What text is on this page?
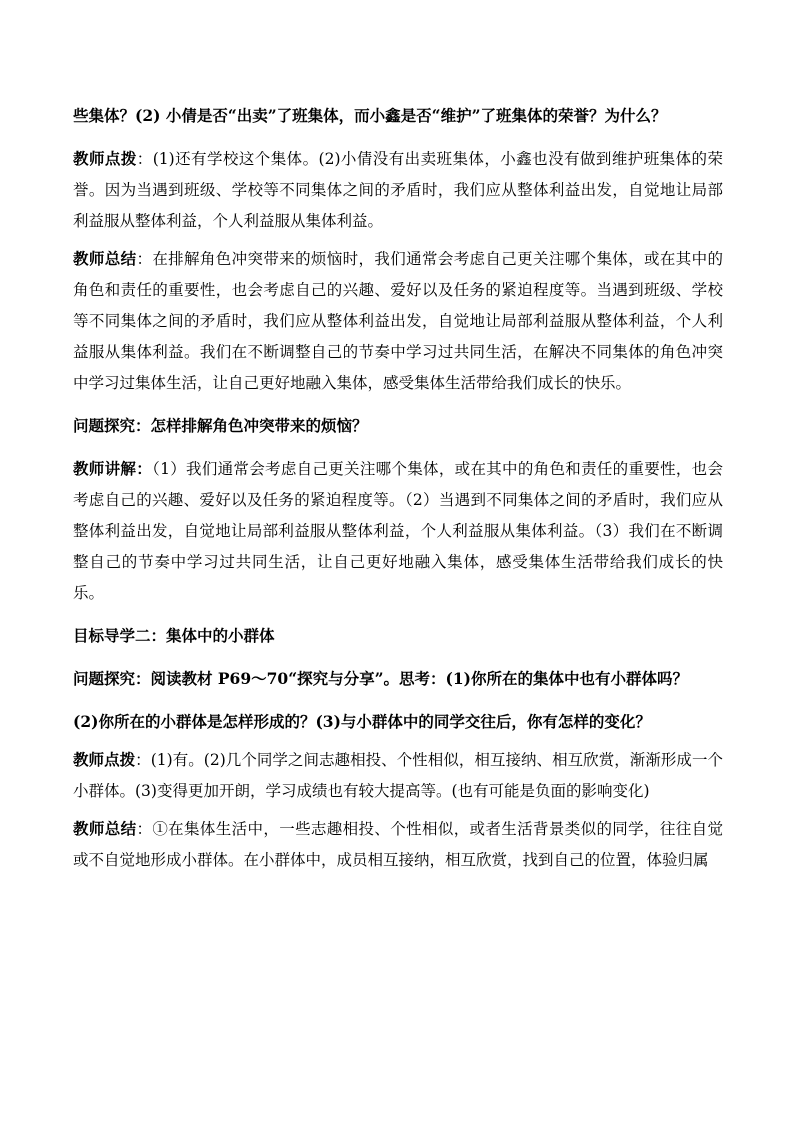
些集体？(2) 小倩是否“出卖”了班集体，而小鑫是否“维护”了班集体的荣誉？为什么？

教师点拨：(1)还有学校这个集体。(2)小倩没有出卖班集体，小鑫也没有做到维护班集体的荣誉。因为当遇到班级、学校等不同集体之间的矛盾时，我们应从整体利益出发，自觉地让局部利益服从整体利益，个人利益服从集体利益。

教师总结：在排解角色冲突带来的烦恼时，我们通常会考虑自己更关注哪个集体，或在其中的角色和责任的重要性，也会考虑自己的兴趣、爱好以及任务的紧迫程度等。当遇到班级、学校等不同集体之间的矛盾时，我们应从整体利益出发，自觉地让局部利益服从整体利益，个人利益服从集体利益。我们在不断调整自己的节奏中学习过共同生活，在解决不同集体的角色冲突中学习过集体生活，让自己更好地融入集体，感受集体生活带给我们成长的快乐。

问题探究：怎样排解角色冲突带来的烦恼？

教师讲解：（1）我们通常会考虑自己更关注哪个集体，或在其中的角色和责任的重要性，也会考虑自己的兴趣、爱好以及任务的紧迫程度等。（2）当遇到不同集体之间的矛盾时，我们应从整体利益出发，自觉地让局部利益服从整体利益，个人利益服从集体利益。（3）我们在不断调整自己的节奏中学习过共同生活，让自己更好地融入集体，感受集体生活带给我们成长的快乐。

目标导学二：集体中的小群体

问题探究：阅读教材 P69～70“探究与分享”。思考：(1)你所在的集体中也有小群体吗？

(2)你所在的小群体是怎样形成的？(3)与小群体中的同学交往后，你有怎样的变化？

教师点拨：(1)有。(2)几个同学之间志趣相投、个性相似，相互接纳、相互欣赏，渐渐形成一个小群体。(3)变得更加开朗，学习成绩也有较大提高等。(也有可能是负面的影响变化)

教师总结：①在集体生活中，一些志趣相投、个性相似，或者生活背景类似的同学，往往自觉或不自觉地形成小群体。在小群体中，成员相互接纳，相互欣赏，找到自己的位置，体验归属
